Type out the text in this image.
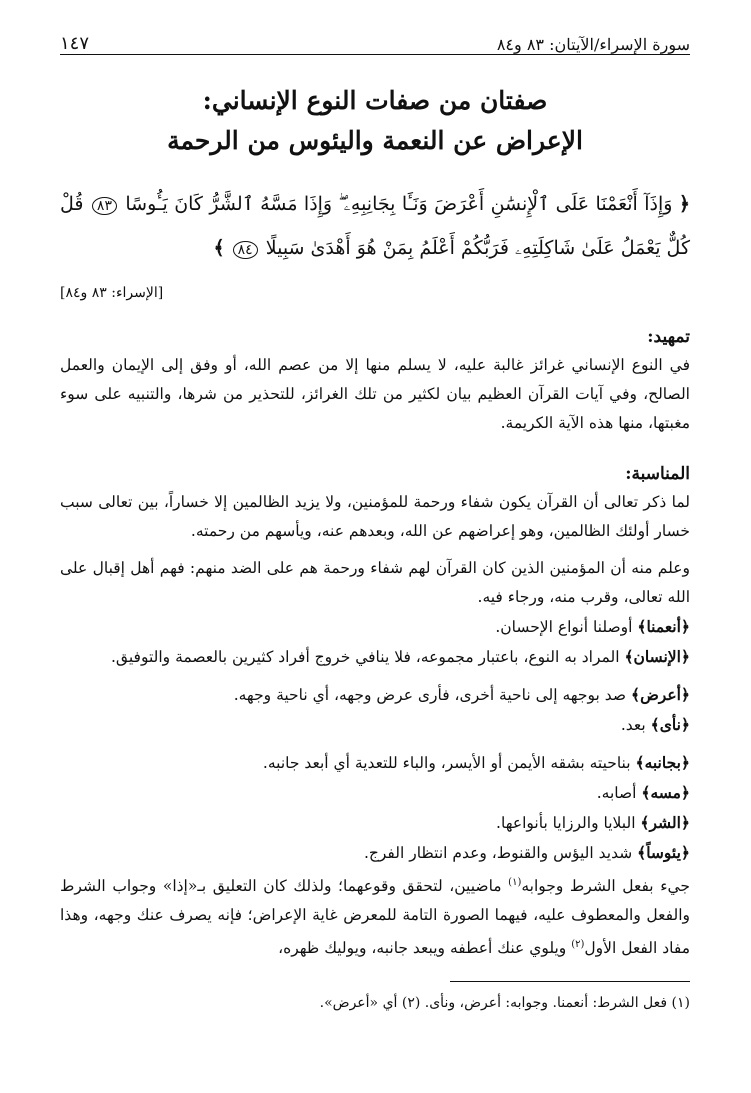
سورة الإسراء/الآيتان: ٨٣ و٨٤
١٤٧
صفتان من صفات النوع الإنساني:
الإعراض عن النعمة واليئوس من الرحمة
﴿ وَإِذَآ أَنْعَمْنَا عَلَى ٱلْإِنسَٰنِ أَعْرَضَ وَنَـَٔا بِجَانِبِهِۦ ۖ وَإِذَا مَسَّهُ ٱلشَّرُّ كَانَ يَـُٔوسًا ٨٣ قُلْ كُلٌّ يَعْمَلُ عَلَىٰ شَاكِلَتِهِۦ فَرَبُّكُمْ أَعْلَمُ بِمَنْ هُوَ أَهْدَىٰ سَبِيلًا ٨٤ ﴾
[الإسراء: ٨٣ و٨٤]
تمهيد:

في النوع الإنساني غرائز غالبة عليه، لا يسلم منها إلا من عصم الله، أو وفق إلى الإيمان والعمل الصالح، وفي آيات القرآن العظيم بيان لكثير من تلك الغرائز، للتحذير من شرها، والتنبيه على سوء مغبتها، منها هذه الآية الكريمة.

المناسبة:

لما ذكر تعالى أن القرآن يكون شفاء ورحمة للمؤمنين، ولا يزيد الظالمين إلا خساراً، بين تعالى سبب خسار أولئك الظالمين، وهو إعراضهم عن الله، وبعدهم عنه، ويأسهم من رحمته.

وعلم منه أن المؤمنين الذين كان القرآن لهم شفاء ورحمة هم على الضد منهم: فهم أهل إقبال على الله تعالى، وقرب منه، ورجاء فيه.

﴿أنعمنا﴾ أوصلنا أنواع الإحسان.

﴿الإنسان﴾ المراد به النوع، باعتبار مجموعه، فلا ينافي خروج أفراد كثيرين بالعصمة والتوفيق.

﴿أعرض﴾ صد بوجهه إلى ناحية أخرى، فأرى عرض وجهه، أي ناحية وجهه.

﴿نأى﴾ بعد.

﴿بجانبه﴾ بناحيته بشقه الأيمن أو الأيسر، والباء للتعدية أي أبعد جانبه.

﴿مسه﴾ أصابه.

﴿الشر﴾ البلايا والرزايا بأنواعها.

﴿يئوساً﴾ شديد اليؤس والقنوط، وعدم انتظار الفرج.

جيء بفعل الشرط وجوابه$^{(١)}$ ماضيين، لتحقق وقوعهما؛ ولذلك كان التعليق بـ«إذا» وجواب الشرط والفعل والمعطوف عليه، فيهما الصورة التامة للمعرض غاية الإعراض؛ فإنه يصرف عنك وجهه، وهذا مفاد الفعل الأول$^{(٢)}$ ويلوي عنك أعطفه ويبعد جانبه، ويوليك ظهره،

(١) فعل الشرط: أنعمنا. وجوابه: أعرض، ونأى. (٢) أي «أعرض».
